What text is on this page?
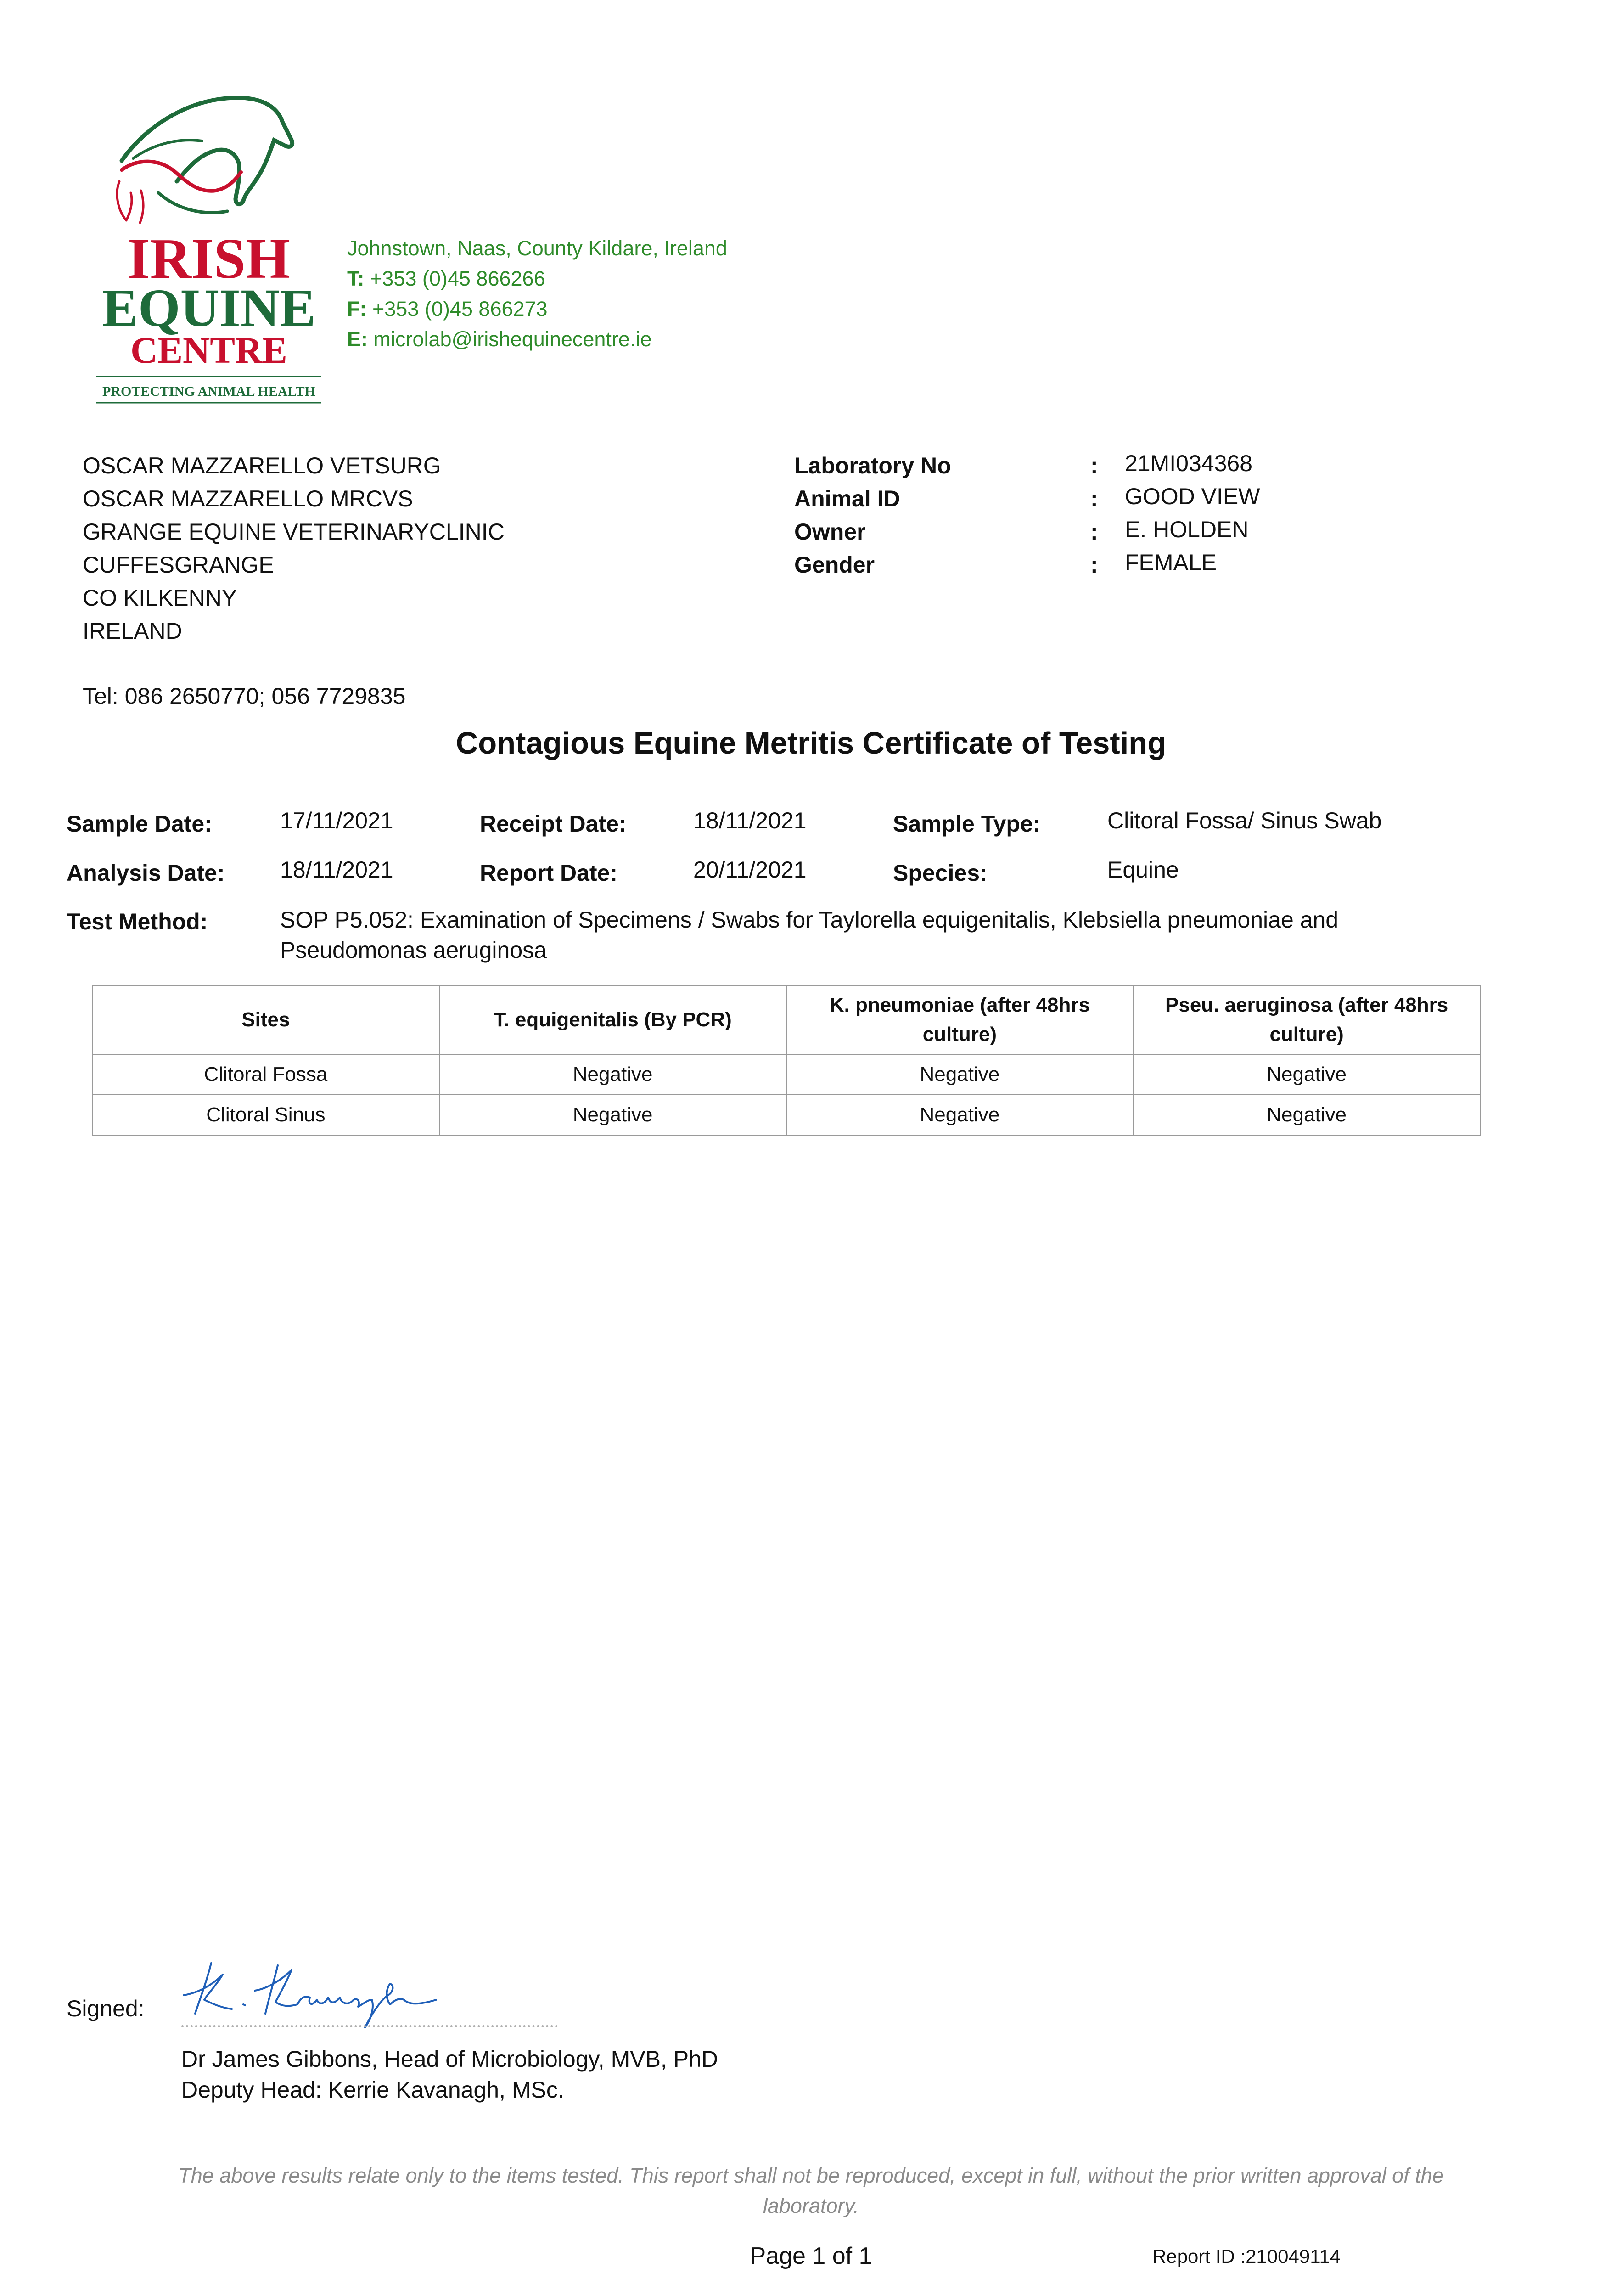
IRISH
EQUINE
CENTRE
PROTECTING ANIMAL HEALTH
Johnstown, Naas, County Kildare, Ireland
T: +353 (0)45 866266
F: +353 (0)45 866273
E: microlab@irishequinecentre.ie
OSCAR MAZZARELLO VETSURG
OSCAR MAZZARELLO MRCVS
GRANGE EQUINE VETERINARYCLINIC
CUFFESGRANGE
CO KILKENNY
IRELAND
Tel: 086 2650770; 056 7729835
Laboratory No	: 21MI034368
Animal ID	: GOOD VIEW
Owner	: E. HOLDEN
Gender	: FEMALE
Contagious Equine Metritis Certificate of Testing
Sample Date:	17/11/2021	Receipt Date:	18/11/2021	Sample Type:	Clitoral Fossa/ Sinus Swab
Analysis Date: 18/11/2021	Report Date:	20/11/2021	Species:	Equine
Test Method:	SOP P5.052: Examination of Specimens / Swabs for Taylorella equigenitalis, Klebsiella pneumoniae and Pseudomonas aeruginosa
Sites	T. equigenitalis (By PCR)	K. pneumoniae (after 48hrs culture)	Pseu. aeruginosa (after 48hrs culture)
Clitoral Fossa	Negative	Negative	Negative
Clitoral Sinus	Negative	Negative	Negative
Signed:
Dr James Gibbons, Head of Microbiology, MVB, PhD
Deputy Head: Kerrie Kavanagh, MSc.
The above results relate only to the items tested. This report shall not be reproduced, except in full, without the prior written approval of the laboratory.
Page 1 of 1	Report ID :210049114
